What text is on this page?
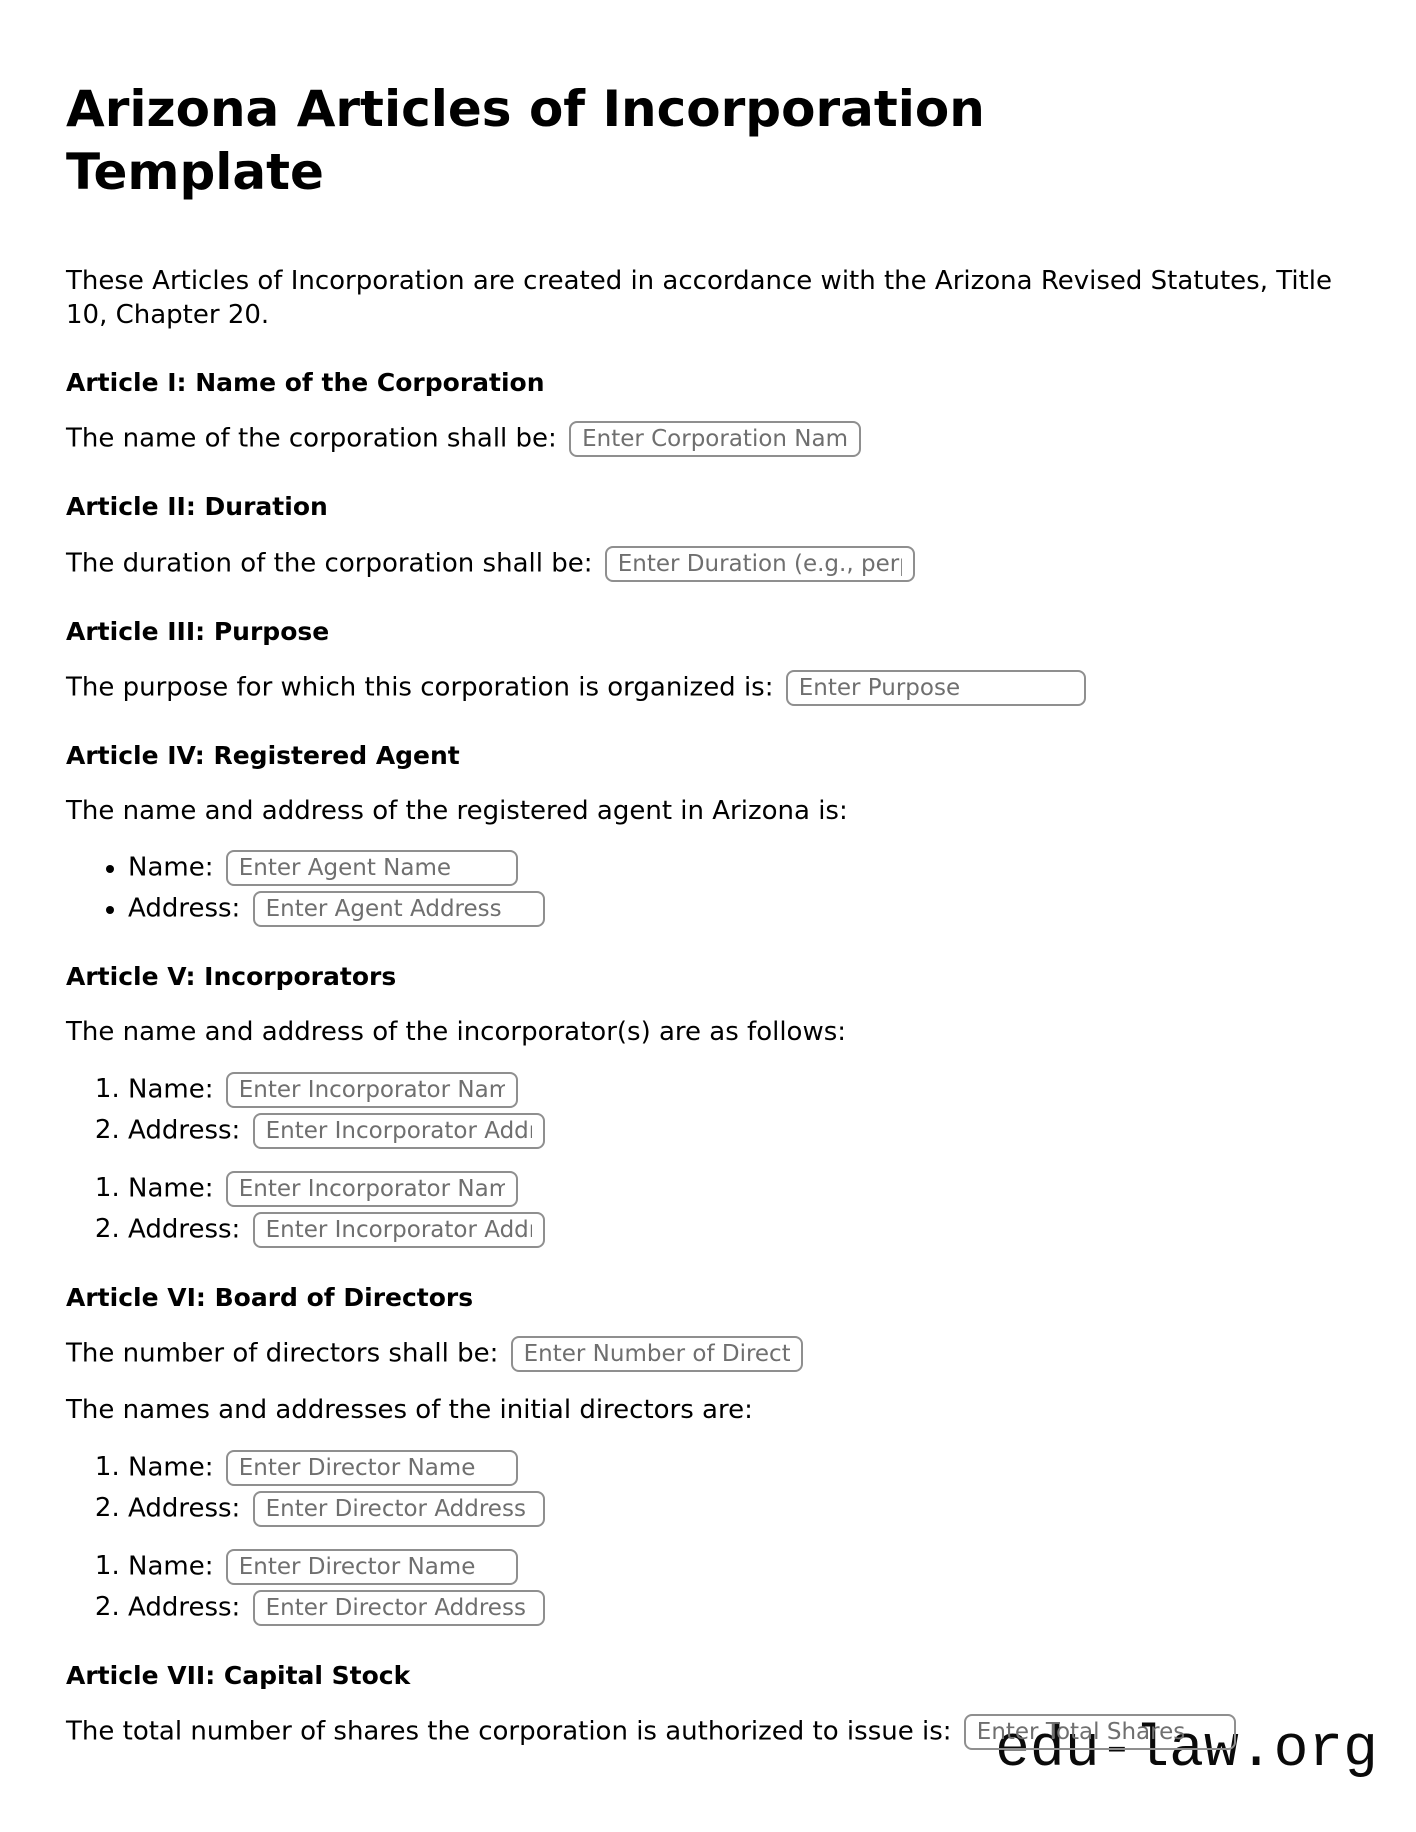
Arizona Articles of Incorporation Template

These Articles of Incorporation are created in accordance with the Arizona Revised Statutes, Title 10, Chapter 20.

Article I: Name of the Corporation

The name of the corporation shall be: Enter Corporation Name

Article II: Duration

The duration of the corporation shall be: Enter Duration (e.g., perpetual)

Article III: Purpose

The purpose for which this corporation is organized is: Enter Purpose

Article IV: Registered Agent

The name and address of the registered agent in Arizona is:

• Name: Enter Agent Name
• Address: Enter Agent Address
Article V: Incorporators

The name and address of the incorporator(s) are as follows:

1. Name: Enter Incorporator Name
2. Address: Enter Incorporator Address
1. Name: Enter Incorporator Name
2. Address: Enter Incorporator Address
Article VI: Board of Directors

The number of directors shall be: Enter Number of Directors

The names and addresses of the initial directors are:

1. Name: Enter Director Name
2. Address: Enter Director Address
1. Name: Enter Director Name
2. Address: Enter Director Address
Article VII: Capital Stock

The total number of shares the corporation is authorized to issue is: Enter Total Shares edu-law.org
